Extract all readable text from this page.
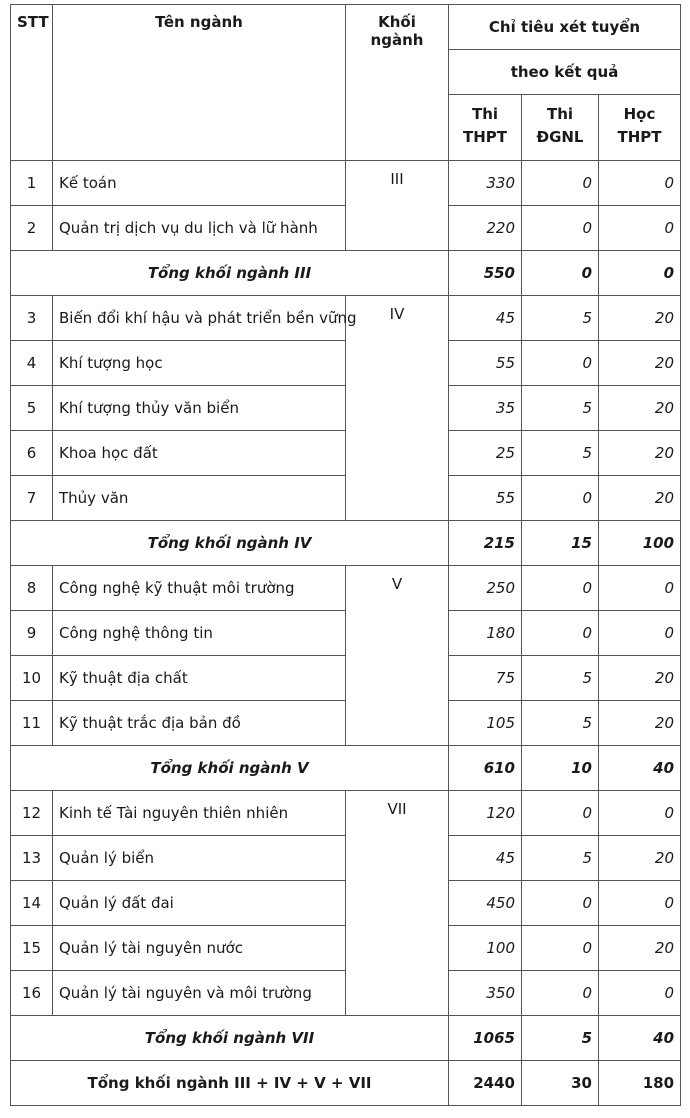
STT	Tên ngành	Khối ngành	Chỉ tiêu xét tuyển		
			theo kết quả		
			Thi THPT	Thi ĐGNL	Học THPT
1	Kế toán	III	330	0	0
2	Quản trị dịch vụ du lịch và lữ hành		220	0	0
Tổng khối ngành III			550	0	0
3	Biến đổi khí hậu và phát triển bền vững	IV	45	5	20
4	Khí tượng học		55	0	20
5	Khí tượng thủy văn biển		35	5	20
6	Khoa học đất		25	5	20
7	Thủy văn		55	0	20
Tổng khối ngành IV			215	15	100
8	Công nghệ kỹ thuật môi trường	V	250	0	0
9	Công nghệ thông tin		180	0	0
10	Kỹ thuật địa chất		75	5	20
11	Kỹ thuật trắc địa bản đồ		105	5	20
Tổng khối ngành V			610	10	40
12	Kinh tế Tài nguyên thiên nhiên	VII	120	0	0
13	Quản lý biển		45	5	20
14	Quản lý đất đai		450	0	0
15	Quản lý tài nguyên nước		100	0	20
16	Quản lý tài nguyên và môi trường		350	0	0
Tổng khối ngành VII			1065	5	40
Tổng khối ngành III + IV + V + VII			2440	30	180
